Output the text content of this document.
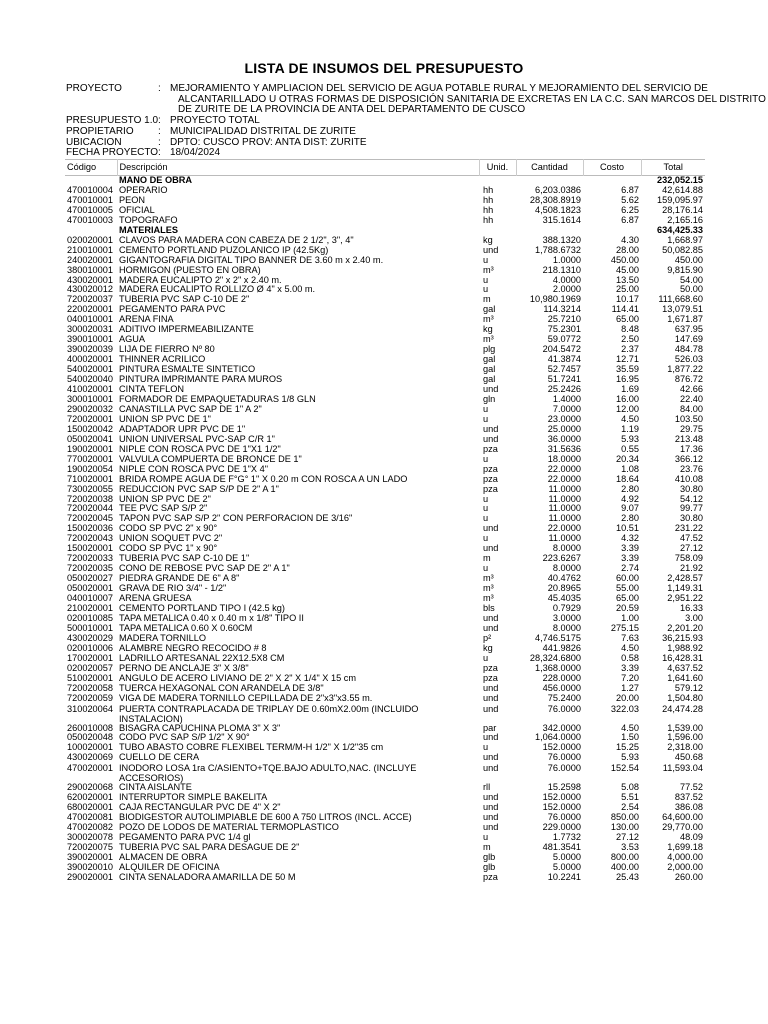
LISTA DE INSUMOS DEL PRESUPUESTO
PROYECTO	: MEJORAMIENTO Y AMPLIACION DEL SERVICIO DE AGUA POTABLE RURAL Y MEJORAMIENTO DEL SERVICIO DE
ALCANTARILLADO U OTRAS FORMAS DE DISPOSICIÓN SANITARIA DE EXCRETAS EN LA C.C. SAN MARCOS DEL DISTRITO
DE ZURITE DE LA PROVINCIA DE ANTA DEL DEPARTAMENTO DE CUSCO
PRESUPUESTO 1.0 : PROYECTO TOTAL
PROPIETARIO	: MUNICIPALIDAD DISTRITAL DE ZURITE
UBICACION	: DPTO: CUSCO PROV: ANTA DIST: ZURITE
FECHA PROYECTO : 18/04/2024
Código	Descripción	Unid.	Cantidad	Costo	Total
	MANO DE OBRA				232,052.15
470010004	OPERARIO	hh	6,203.0386	6.87	42,614.88
470010001	PEON	hh	28,308.8919	5.62	159,095.97
470010005	OFICIAL	hh	4,508.1823	6.25	28,176.14
470010003	TOPOGRAFO	hh	315.1614	6.87	2,165.16
	MATERIALES				634,425.33
020020001	CLAVOS PARA MADERA CON CABEZA DE 2 1/2", 3", 4"	kg	388.1320	4.30	1,668.97
210010001	CEMENTO PORTLAND PUZOLANICO IP (42.5Kg)	und	1,788.6732	28.00	50,082.85
240020001	GIGANTOGRAFIA DIGITAL TIPO BANNER DE 3.60 m x 2.40 m.	u	1.0000	450.00	450.00
380010001	HORMIGON (PUESTO EN OBRA)	m³	218.1310	45.00	9,815.90
430020001	MADERA EUCALIPTO 2" x 2" x 2.40 m.	u	4.0000	13.50	54.00
430020012	MADERA EUCALIPTO ROLLIZO Ø 4" x 5.00 m.	u	2.0000	25.00	50.00
720020037	TUBERIA PVC SAP C-10 DE 2"	m	10,980.1969	10.17	111,668.60
220020001	PEGAMENTO PARA PVC	gal	114.3214	114.41	13,079.51
040010001	ARENA FINA	m³	25.7210	65.00	1,671.87
300020031	ADITIVO IMPERMEABILIZANTE	kg	75.2301	8.48	637.95
390010001	AGUA	m³	59.0772	2.50	147.69
390020039	LIJA DE FIERRO Nº 80	plg	204.5472	2.37	484.78
400020001	THINNER ACRILICO	gal	41.3874	12.71	526.03
540020001	PINTURA ESMALTE SINTETICO	gal	52.7457	35.59	1,877.22
540020040	PINTURA IMPRIMANTE PARA MUROS	gal	51.7241	16.95	876.72
410020001	CINTA TEFLON	und	25.2426	1.69	42.66
300010001	FORMADOR DE EMPAQUETADURAS 1/8 GLN	gln	1.4000	16.00	22.40
290020032	CANASTILLA PVC SAP DE 1" A 2"	u	7.0000	12.00	84.00
720020001	UNION SP PVC DE 1"	u	23.0000	4.50	103.50
150020042	ADAPTADOR UPR PVC DE 1"	und	25.0000	1.19	29.75
050020041	UNION UNIVERSAL PVC-SAP C/R 1"	und	36.0000	5.93	213.48
190020001	NIPLE CON ROSCA PVC DE 1"X1 1/2"	pza	31.5636	0.55	17.36
770020001	VALVULA COMPUERTA DE BRONCE DE 1"	u	18.0000	20.34	366.12
190020054	NIPLE CON ROSCA PVC DE 1"X 4"	pza	22.0000	1.08	23.76
710020001	BRIDA ROMPE AGUA DE F°G° 1" X 0.20 m CON ROSCA A UN LADO	pza	22.0000	18.64	410.08
730020055	REDUCCION PVC SAP S/P DE 2" A 1"	pza	11.0000	2.80	30.80
720020038	UNION SP PVC DE 2"	u	11.0000	4.92	54.12
720020044	TEE PVC SAP S/P 2"	u	11.0000	9.07	99.77
720020045	TAPON PVC SAP S/P 2" CON PERFORACION DE 3/16"	u	11.0000	2.80	30.80
150020036	CODO SP PVC 2" x 90°	und	22.0000	10.51	231.22
720020043	UNION SOQUET PVC 2"	u	11.0000	4.32	47.52
150020001	CODO SP PVC 1" x 90°	und	8.0000	3.39	27.12
720020033	TUBERIA PVC SAP C-10 DE 1"	m	223.6267	3.39	758.09
720020035	CONO DE REBOSE PVC SAP DE 2" A 1"	u	8.0000	2.74	21.92
050020027	PIEDRA GRANDE DE 6" A 8"	m³	40.4762	60.00	2,428.57
050020001	GRAVA DE RIO 3/4" - 1/2"	m³	20.8965	55.00	1,149.31
040010007	ARENA GRUESA	m³	45.4035	65.00	2,951.22
210020001	CEMENTO PORTLAND TIPO I (42.5 kg)	bls	0.7929	20.59	16.33
020010085	TAPA METALICA 0.40 x 0.40 m x 1/8" TIPO II	und	3.0000	1.00	3.00
500010001	TAPA METALICA 0.60 X 0.60CM	und	8.0000	275.15	2,201.20
430020029	MADERA TORNILLO	p²	4,746.5175	7.63	36,215.93
020010006	ALAMBRE NEGRO RECOCIDO # 8	kg	441.9826	4.50	1,988.92
170020001	LADRILLO ARTESANAL 22X12.5X8 CM	u	28,324.6800	0.58	16,428.31
020020057	PERNO DE ANCLAJE 3" X 3/8"	pza	1,368.0000	3.39	4,637.52
510020001	ANGULO DE ACERO LIVIANO DE 2" X 2" X 1/4" X 15 cm	pza	228.0000	7.20	1,641.60
720020058	TUERCA HEXAGONAL CON ARANDELA DE 3/8"	und	456.0000	1.27	579.12
720020059	VIGA DE MADERA TORNILLO CEPILLADA DE 2"x3"x3.55 m.	und	75.2400	20.00	1,504.80
310020064	PUERTA CONTRAPLACADA DE TRIPLAY DE 0.60mX2.00m (INCLUIDO INSTALACION)	und	76.0000	322.03	24,474.28
260010008	BISAGRA CAPUCHINA PLOMA 3" X 3"	par	342.0000	4.50	1,539.00
050020048	CODO PVC SAP S/P 1/2" X 90°	und	1,064.0000	1.50	1,596.00
100020001	TUBO ABASTO COBRE FLEXIBEL TERM/M-H 1/2" X 1/2"35 cm	u	152.0000	15.25	2,318.00
430020069	CUELLO DE CERA	und	76.0000	5.93	450.68
470020001	INODORO LOSA 1ra C/ASIENTO+TQE.BAJO ADULTO,NAC. (INCLUYE ACCESORIOS)	und	76.0000	152.54	11,593.04
290020068	CINTA AISLANTE	rll	15.2598	5.08	77.52
620020001	INTERRUPTOR SIMPLE BAKELITA	und	152.0000	5.51	837.52
680020001	CAJA RECTANGULAR PVC DE 4" X 2"	und	152.0000	2.54	386.08
470020081	BIODIGESTOR AUTOLIMPIABLE DE 600 A 750 LITROS (INCL. ACCE)	und	76.0000	850.00	64,600.00
470020082	POZO DE LODOS DE MATERIAL TERMOPLASTICO	und	229.0000	130.00	29,770.00
300020078	PEGAMENTO PARA PVC 1/4 gl	u	1.7732	27.12	48.09
720020075	TUBERIA PVC SAL PARA DESAGUE DE 2"	m	481.3541	3.53	1,699.18
390020001	ALMACEN DE OBRA	glb	5.0000	800.00	4,000.00
390020010	ALQUILER DE OFICINA	glb	5.0000	400.00	2,000.00
290020001	CINTA SEÑALADORA AMARILLA DE 50 M	pza	10.2241	25.43	260.00
